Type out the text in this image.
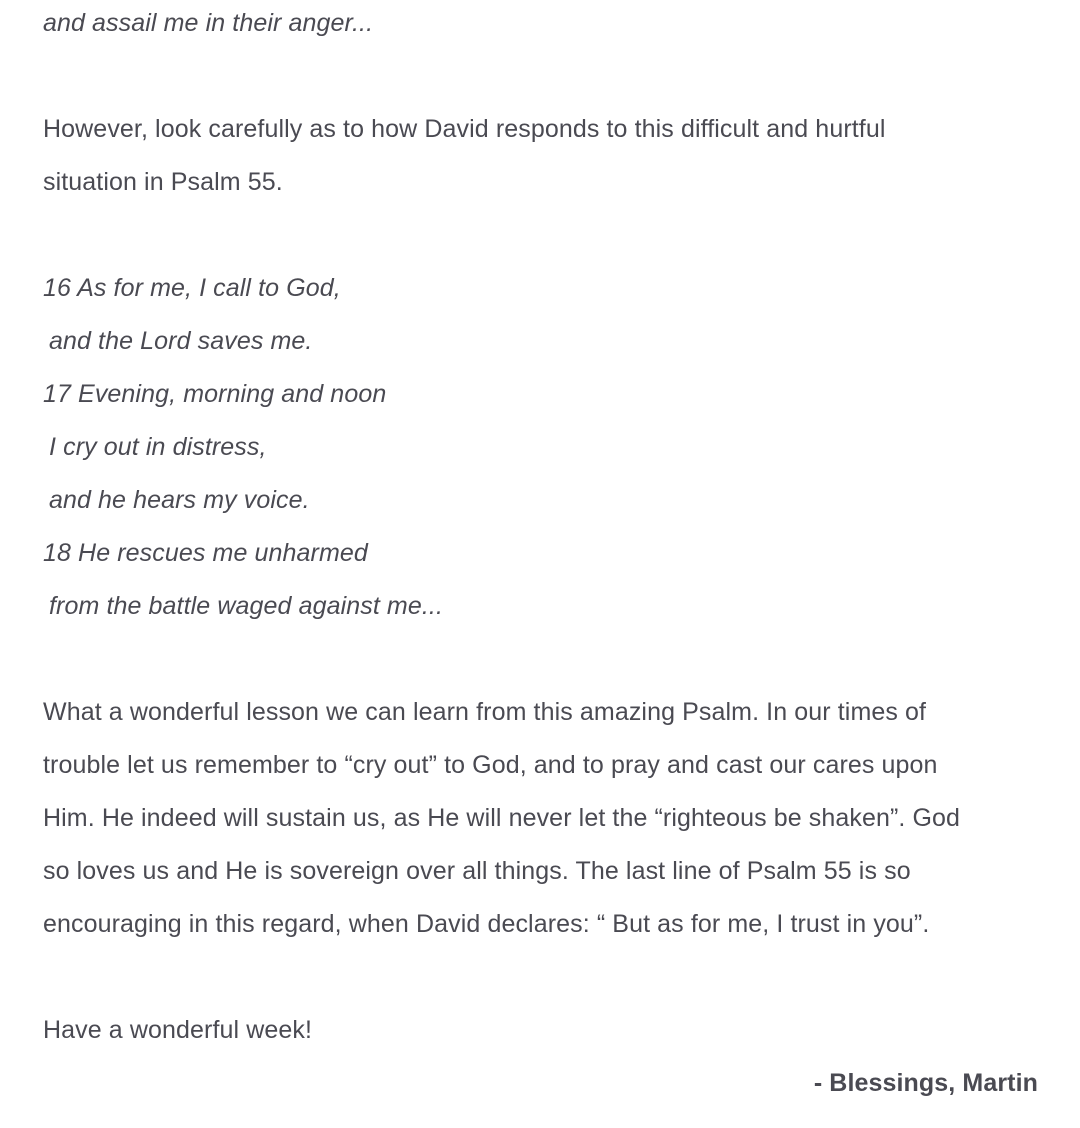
and assail me in their anger...
However, look carefully as to how David responds to this difficult and hurtful
situation in Psalm 55.
16 As for me, I call to God,
and the Lord saves me.
17 Evening, morning and noon
I cry out in distress,
and he hears my voice.
18 He rescues me unharmed
from the battle waged against me...
What a wonderful lesson we can learn from this amazing Psalm. In our times of
trouble let us remember to “cry out” to God, and to pray and cast our cares upon
Him. He indeed will sustain us, as He will never let the “righteous be shaken”. God
so loves us and He is sovereign over all things. The last line of Psalm 55 is so
encouraging in this regard, when David declares: “ But as for me, I trust in you”.
Have a wonderful week!
- Blessings, Martin
